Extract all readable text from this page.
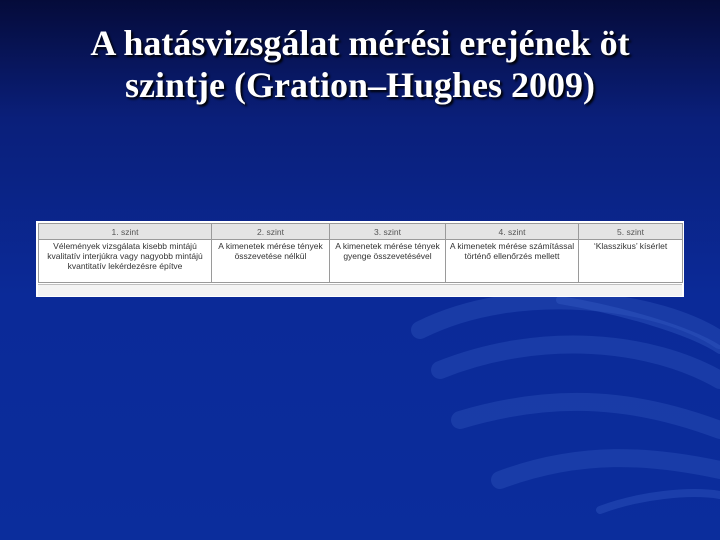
A hatásvizsgálat mérési erejének öt
szintje (Gration–Hughes 2009)
1. szint	2. szint	3. szint	4. szint	5. szint
Vélemények vizsgálata kisebb mintájú kvalitatív interjúkra vagy nagyobb mintájú kvantitatív lekérdezésre építve	A kimenetek mérése tények összevetése nélkül	A kimenetek mérése tények gyenge összevetésével	A kimenetek mérése számítással történő ellenőrzés mellett	‘Klasszikus’ kísérlet
